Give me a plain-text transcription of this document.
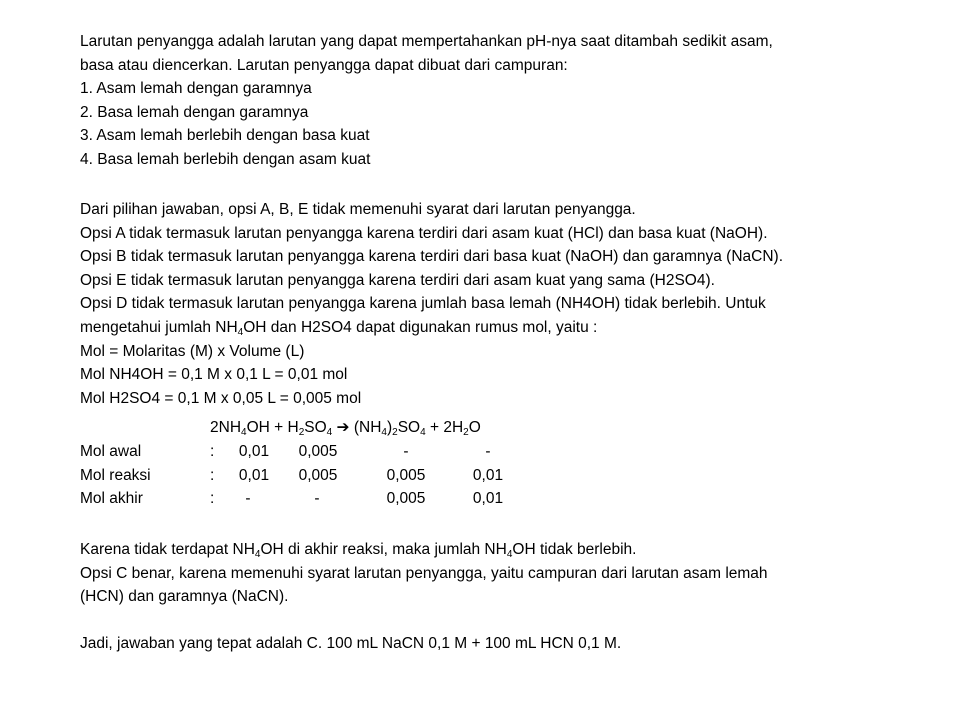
Larutan penyangga adalah larutan yang dapat mempertahankan pH-nya saat ditambah sedikit asam,
basa atau diencerkan. Larutan penyangga dapat dibuat dari campuran:
1. Asam lemah dengan garamnya
2. Basa lemah dengan garamnya
3. Asam lemah berlebih dengan basa kuat
4. Basa lemah berlebih dengan asam kuat
Dari pilihan jawaban, opsi A, B, E tidak memenuhi syarat dari larutan penyangga.
Opsi A tidak termasuk larutan penyangga karena terdiri dari asam kuat (HCl) dan basa kuat (NaOH).
Opsi B tidak termasuk larutan penyangga karena terdiri dari basa kuat (NaOH) dan garamnya (NaCN).
Opsi E tidak termasuk larutan penyangga karena terdiri dari asam kuat yang sama (H2SO4).
Opsi D tidak termasuk larutan penyangga karena jumlah basa lemah (NH4OH) tidak berlebih. Untuk
mengetahui jumlah $NH_4OH$ dan H2SO4 dapat digunakan rumus mol, yaitu :
Mol = Molaritas (M) x Volume (L)
Mol NH4OH = 0,1 M x 0,1 L = 0,01 mol
Mol H2SO4 = 0,1 M x 0,05 L = 0,005 mol
$2NH_4OH + H_2SO_4$ ➔ $(NH_4)_2SO_4 + 2H_2O$
Mol awal	: 0,01 0,005	-	-
Mol reaksi	: 0,01 0,005	0,005	0,01
Mol akhir	: -	-	0,005	0,01
Karena tidak terdapat $NH_4OH$ di akhir reaksi, maka jumlah $NH_4OH$ tidak berlebih.
Opsi C benar, karena memenuhi syarat larutan penyangga, yaitu campuran dari larutan asam lemah
(HCN) dan garamnya (NaCN).
Jadi, jawaban yang tepat adalah C. 100 mL NaCN 0,1 M + 100 mL HCN 0,1 M.
